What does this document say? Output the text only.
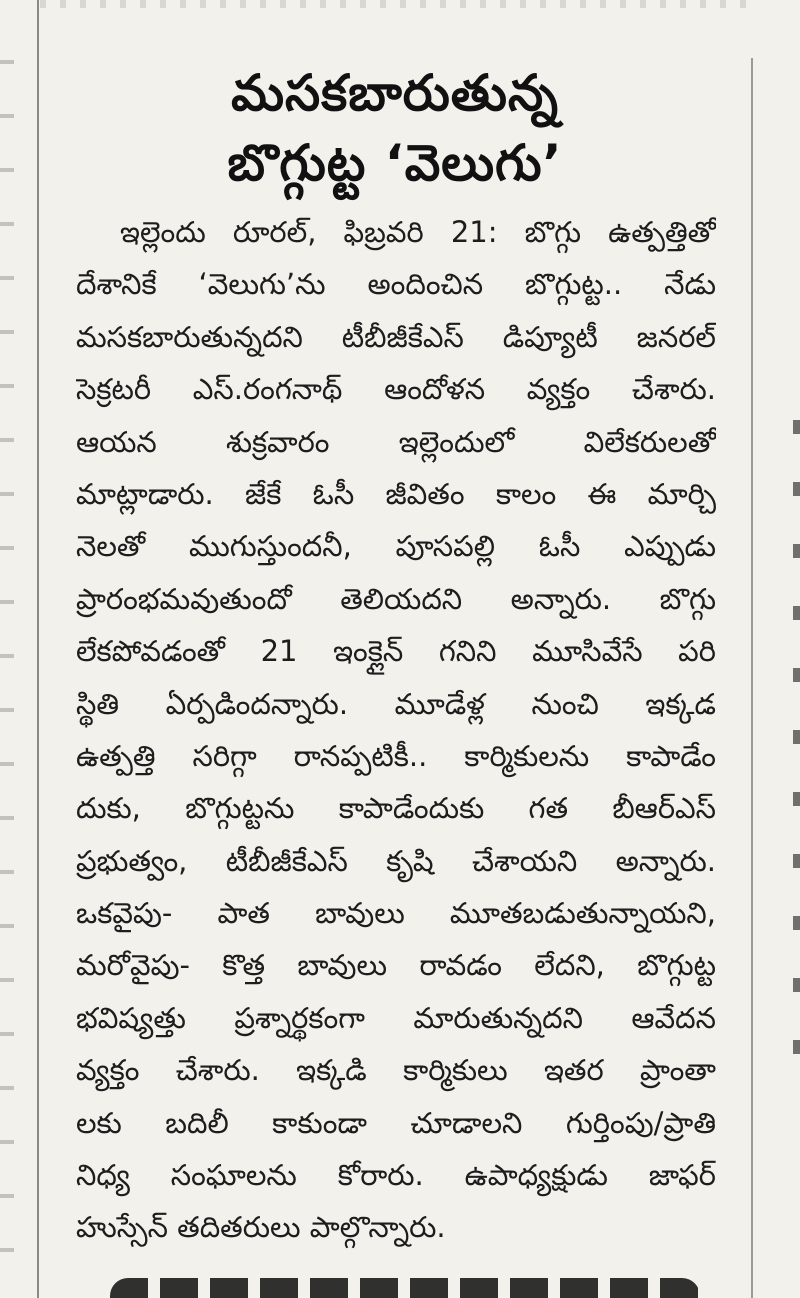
మసకబారుతున్న
బొగ్గుట్ట ‘వెలుగు’
ఇల్లెందు రూరల్, ఫిబ్రవరి 21: బొగ్గు ఉత్పత్తితో
దేశానికే ‘వెలుగు’ను అందించిన బొగ్గుట్ట.. నేడు
మసకబారుతున్నదని టీబీజీకేఎస్ డిప్యూటీ జనరల్
సెక్రటరీ ఎస్.రంగనాథ్ ఆందోళన వ్యక్తం చేశారు.
ఆయన శుక్రవారం ఇల్లెందులో విలేకరులతో
మాట్లాడారు. జేకే ఓసీ జీవితం కాలం ఈ మార్చి
నెలతో ముగుస్తుందనీ, పూసపల్లి ఓసీ ఎప్పుడు
ప్రారంభమవుతుందో తెలియదని అన్నారు. బొగ్గు
లేకపోవడంతో 21 ఇంక్లైన్ గనిని మూసివేసే పరి
స్థితి ఏర్పడిందన్నారు. మూడేళ్ల నుంచి ఇక్కడ
ఉత్పత్తి సరిగ్గా రానప్పటికీ.. కార్మికులను కాపాడేం
దుకు, బొగ్గుట్టను కాపాడేందుకు గత బీఆర్ఎస్
ప్రభుత్వం, టీబీజీకేఎస్ కృషి చేశాయని అన్నారు.
ఒకవైపు- పాత బావులు మూతబడుతున్నాయని,
మరోవైపు- కొత్త బావులు రావడం లేదని, బొగ్గుట్ట
భవిష్యత్తు ప్రశ్నార్థకంగా మారుతున్నదని ఆవేదన
వ్యక్తం చేశారు. ఇక్కడి కార్మికులు ఇతర ప్రాంతా
లకు బదిలీ కాకుండా చూడాలని గుర్తింపు/ప్రాతి
నిధ్య సంఘాలను కోరారు. ఉపాధ్యక్షుడు జాఫర్
హుస్సేన్ తదితరులు పాల్గొన్నారు.
